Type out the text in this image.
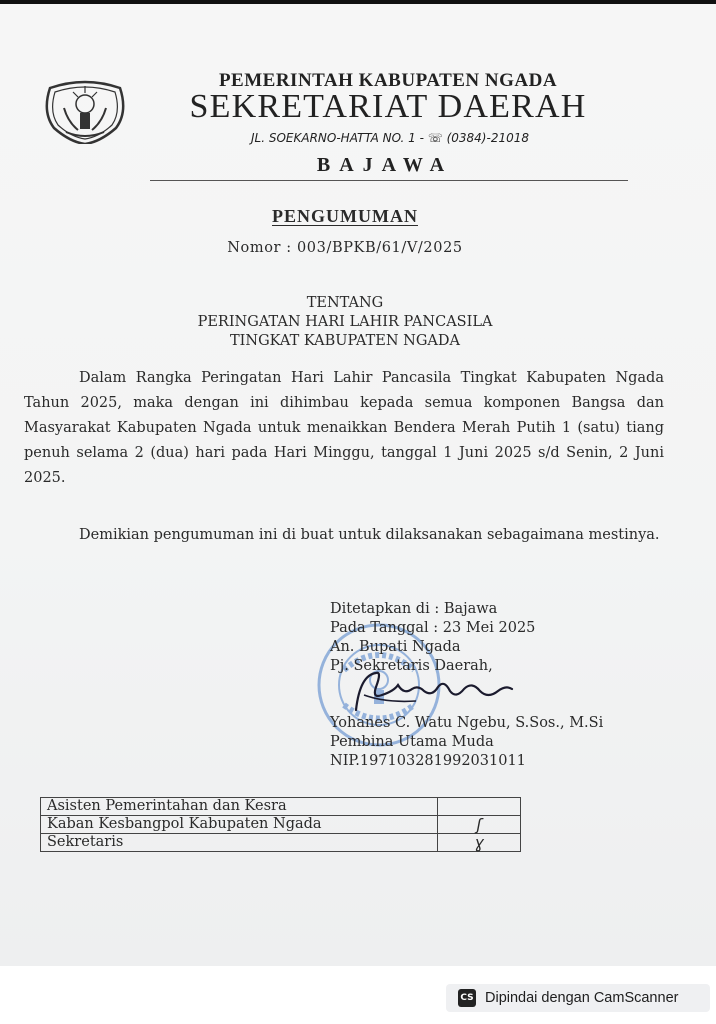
PEMERINTAH KABUPATEN NGADA
SEKRETARIAT DAERAH
JL. SOEKARNO-HATTA NO. 1 - ☏ (0384)-21018
BAJAWA
PENGUMUMAN
Nomor : 003/BPKB/61/V/2025
TENTANG
PERINGATAN HARI LAHIR PANCASILA
TINGKAT KABUPATEN NGADA
Dalam Rangka Peringatan Hari Lahir Pancasila Tingkat Kabupaten Ngada Tahun 2025, maka dengan ini dihimbau kepada semua komponen Bangsa dan Masyarakat Kabupaten Ngada untuk menaikkan Bendera Merah Putih 1 (satu) tiang penuh selama 2 (dua) hari pada Hari Minggu, tanggal 1 Juni 2025 s/d Senin, 2 Juni 2025.
Demikian pengumuman ini di buat untuk dilaksanakan sebagaimana mestinya.
Ditetapkan di : Bajawa
Pada Tanggal : 23 Mei 2025
An. Bupati Ngada
Pj. Sekretaris Daerah,
Yohanes C. Watu Ngebu, S.Sos., M.Si
Pembina Utama Muda
NIP.197103281992031011
Asisten Pemerintahan dan Kesra	
Kaban Kesbangpol Kabupaten Ngada	ʃ
Sekretaris	ɣ
CS Dipindai dengan CamScanner
